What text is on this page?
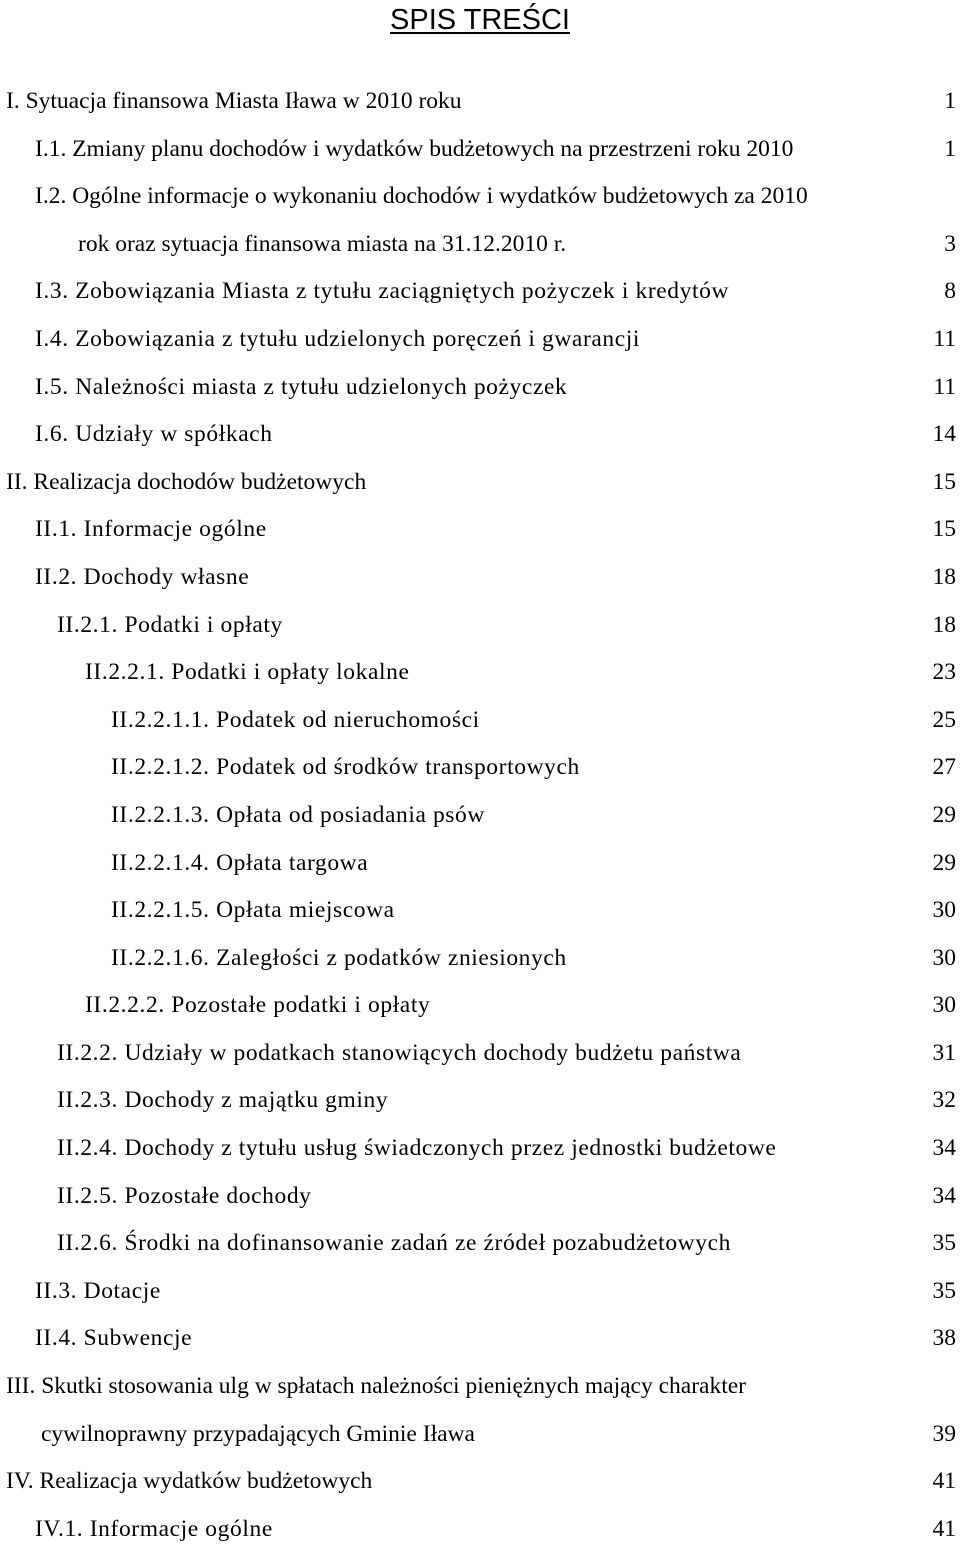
SPIS TREŚCI
I. Sytuacja finansowa Miasta Iława w 2010 roku	1
I.1. Zmiany planu dochodów i wydatków budżetowych na przestrzeni roku 2010	1
I.2. Ogólne informacje o wykonaniu dochodów i wydatków budżetowych za 2010
rok oraz sytuacja finansowa miasta na 31.12.2010 r.	3
I.3. Zobowiązania Miasta z tytułu zaciągniętych pożyczek i kredytów	8
I.4. Zobowiązania z tytułu udzielonych poręczeń i gwarancji	11
I.5. Należności miasta z tytułu udzielonych pożyczek	11
I.6. Udziały w spółkach	14
II. Realizacja dochodów budżetowych	15
II.1. Informacje ogólne	15
II.2. Dochody własne	18
II.2.1. Podatki i opłaty	18
II.2.2.1. Podatki i opłaty lokalne	23
II.2.2.1.1. Podatek od nieruchomości	25
II.2.2.1.2. Podatek od środków transportowych	27
II.2.2.1.3. Opłata od posiadania psów	29
II.2.2.1.4. Opłata targowa	29
II.2.2.1.5. Opłata miejscowa	30
II.2.2.1.6. Zaległości z podatków zniesionych	30
II.2.2.2. Pozostałe podatki i opłaty	30
II.2.2. Udziały w podatkach stanowiących dochody budżetu państwa	31
II.2.3. Dochody z majątku gminy	32
II.2.4. Dochody z tytułu usług świadczonych przez jednostki budżetowe	34
II.2.5. Pozostałe dochody	34
II.2.6. Środki na dofinansowanie zadań ze źródeł pozabudżetowych	35
II.3. Dotacje	35
II.4. Subwencje	38
III. Skutki stosowania ulg w spłatach należności pieniężnych mający charakter
cywilnoprawny przypadających Gminie Iława	39
IV. Realizacja wydatków budżetowych	41
IV.1. Informacje ogólne	41
